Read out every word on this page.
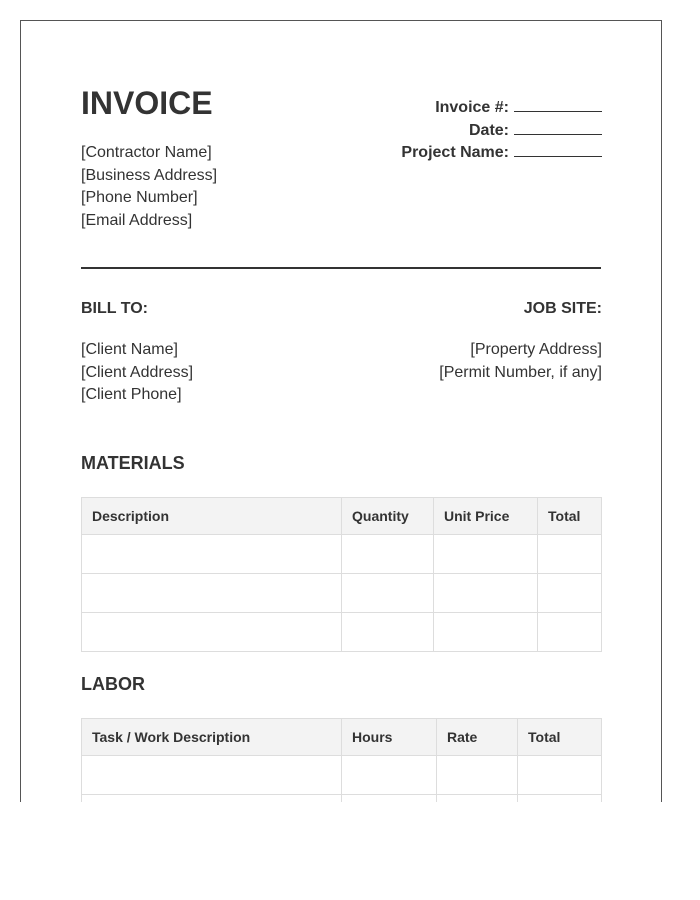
INVOICE
[Contractor Name]
[Business Address]
[Phone Number]
[Email Address]
Invoice #:
Date:
Project Name:
BILL TO:	JOB SITE:
[Client Name]
[Client Address]
[Client Phone]
[Property Address]
[Permit Number, if any]
MATERIALS
Description	Quantity	Unit Price	Total

LABOR
Task / Work Description	Hours	Rate	Total
